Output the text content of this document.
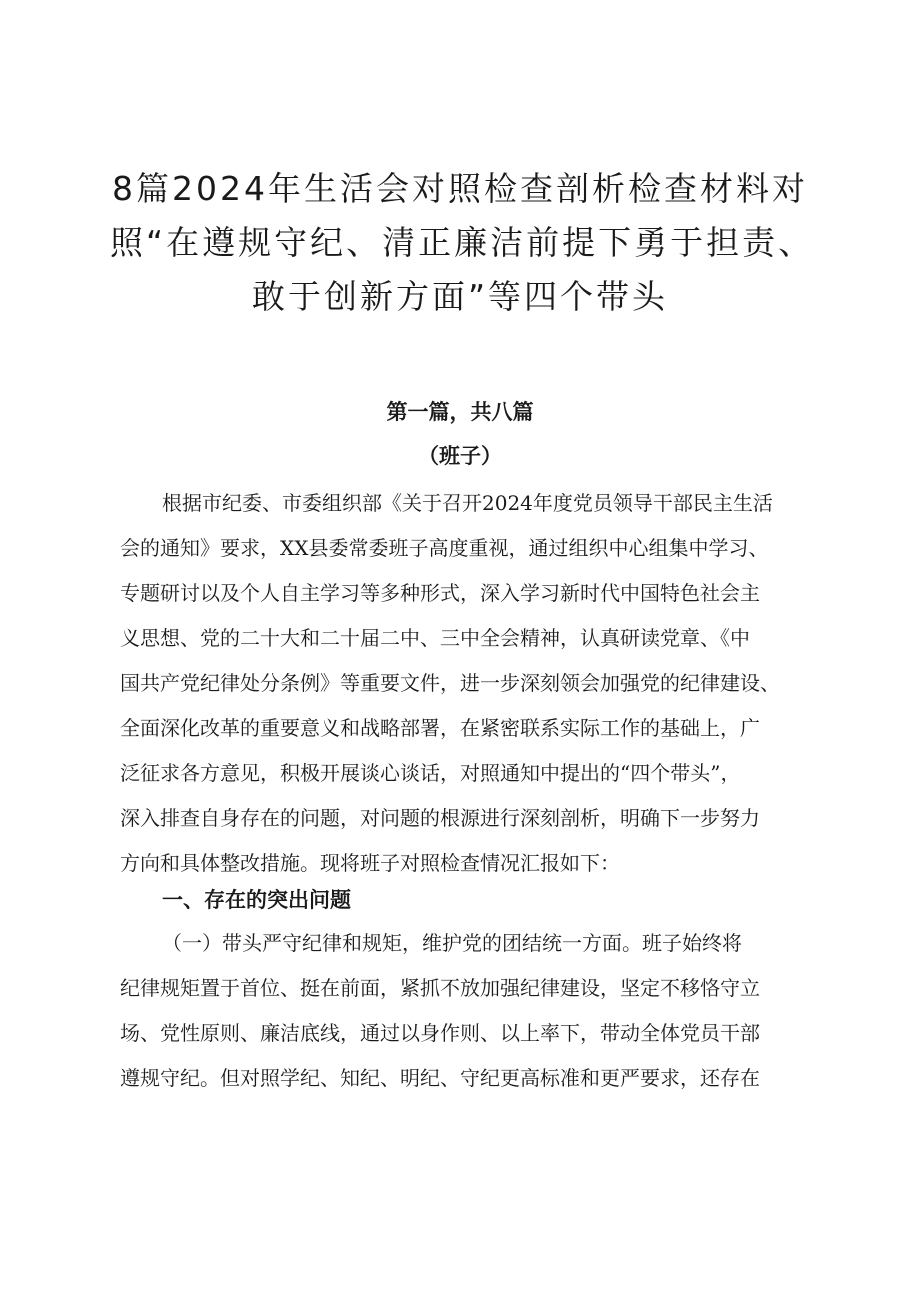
8篇2024年生活会对照检查剖析检查材料对
照“在遵规守纪、清正廉洁前提下勇于担责、
敢于创新方面”等四个带头

第一篇，共八篇

（班子）

根据市纪委、市委组织部《关于召开2024年度党员领导干部民主生活
会的通知》要求，XX县委常委班子高度重视，通过组织中心组集中学习、
专题研讨以及个人自主学习等多种形式，深入学习新时代中国特色社会主
义思想、党的二十大和二十届二中、三中全会精神，认真研读党章、《中
国共产党纪律处分条例》等重要文件，进一步深刻领会加强党的纪律建设、
全面深化改革的重要意义和战略部署，在紧密联系实际工作的基础上，广
泛征求各方意见，积极开展谈心谈话，对照通知中提出的“四个带头”，
深入排查自身存在的问题，对问题的根源进行深刻剖析，明确下一步努力
方向和具体整改措施。现将班子对照检查情况汇报如下：
一、存在的突出问题
（一）带头严守纪律和规矩，维护党的团结统一方面。班子始终将
纪律规矩置于首位、挺在前面，紧抓不放加强纪律建设，坚定不移恪守立
场、党性原则、廉洁底线，通过以身作则、以上率下，带动全体党员干部
遵规守纪。但对照学纪、知纪、明纪、守纪更高标准和更严要求，还存在
